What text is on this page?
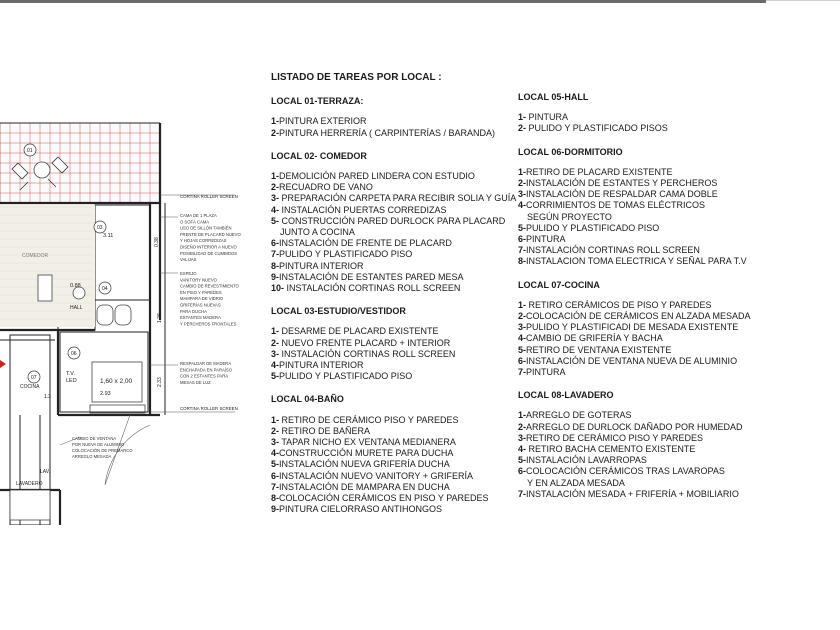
CORTINA ROLLER SCREEN
CORTINA ROLLER SCREEN
01
03
04
06
07
VESTIDOR/ESTUDIO
COMEDOR
HALL
COCINA
LAVADERO
T.V.
LED	1,60 x 2,00
LAV.
0.88
3.11
2.93
0.38
2.33
1.28
1.3
CAMA DE 1 PLAZA
O SOFÁ CAMA
USO DE SILLÓN TAMBIÉN
FRENTE DE PLACARD NUEVO
Y HOJAS CORREDIZAS
DISEÑO INTERIOR A NUEVO
POSIBILIDAD DE CUMBIDOS
VALIJAS
ESPEJO
VANITORY NUEVO
CAMBIO DE REVESTIMIENTO
EN PISO Y PAREDES
MAMPARA DE VIDRIO
GRIFERÍAS NUEVAS
PARA DUCHA
ESTANTES MADERA
Y PERCHEROS FRONTALES
RESPALDAR DE MADERA
ENCHAPADA EN PARAÍSO
CON 2 ESTANTES PARA
MESAS DE LUZ
CAMBIO DE VENTANA
POR NUEVA DE ALUMINIO
COLOCACIÓN DE PREMARCO
ARREGLO MESADA
LISTADO DE TAREAS POR LOCAL :
LOCAL 01-TERRAZA:
1-PINTURA EXTERIOR
2-PINTURA HERRERÍA ( CARPINTERÍAS / BARANDA)
LOCAL 02- COMEDOR
1-DEMOLICIÓN PARED LINDERA CON ESTUDIO
2-RECUADRO DE VANO
3- PREPARACIÓN CARPETA PARA RECIBIR SOLIA Y GUÍA
4- INSTALACIÓN PUERTAS CORREDIZAS
5- CONSTRUCCIÓN PARED DURLOCK PARA PLACARD
JUNTO A COCINA
6-INSTALACIÓN DE FRENTE DE PLACARD
7-PULIDO Y PLASTIFICADO PISO
8-PINTURA INTERIOR
9-INSTALACIÓN DE ESTANTES PARED MESA
10- INSTALACIÓN CORTINAS ROLL SCREEN
LOCAL 03-ESTUDIO/VESTIDOR
1- DESARME DE PLACARD EXISTENTE
2- NUEVO FRENTE PLACARD + INTERIOR
3- INSTALACIÓN CORTINAS ROLL SCREEN
4-PINTURA INTERIOR
5-PULIDO Y PLASTIFICADO PISO
LOCAL 04-BAÑO
1- RETIRO DE CERÁMICO PISO Y PAREDES
2- RETIRO DE BAÑERA
3- TAPAR NICHO EX VENTANA MEDIANERA
4-CONSTRUCCIÓN MURETE PARA DUCHA
5-INSTALACIÓN NUEVA GRIFERÍA DUCHA
6-INSTALACIÓN NUEVO VANITORY + GRIFERÍA
7-INSTALACIÓN DE MAMPARA EN DUCHA
8-COLOCACIÓN CERÁMICOS EN PISO Y PAREDES
9-PINTURA CIELORRASO ANTIHONGOS
LOCAL 05-HALL
1- PINTURA
2- PULIDO Y PLASTIFICADO PISOS
LOCAL 06-DORMITORIO
1-RETIRO DE PLACARD EXISTENTE
2-INSTALACIÓN DE ESTANTES Y PERCHEROS
3-INSTALACIÓN DE RESPALDAR CAMA DOBLE
4-CORRIMIENTOS DE TOMAS ELÉCTRICOS
SEGÚN PROYECTO
5-PULIDO Y PLASTIFICADO PISO
6-PINTURA
7-INSTALACIÓN CORTINAS ROLL SCREEN
8-INSTALACION TOMA ELECTRICA Y SEÑAL PARA T.V
LOCAL 07-COCINA
1- RETIRO CERÁMICOS DE PISO Y PAREDES
2-COLOCACIÓN DE CERÁMICOS EN ALZADA MESADA
3-PULIDO Y PLASTIFICADI DE MESADA EXISTENTE
4-CAMBIO DE GRIFERÍA Y BACHA
5-RETIRO DE VENTANA EXISTENTE
6-INSTALACIÓN DE VENTANA NUEVA DE ALUMINIO
7-PINTURA
LOCAL 08-LAVADERO
1-ARREGLO DE GOTERAS
2-ARREGLO DE DURLOCK DAÑADO POR HUMEDAD
3-RETIRO DE CERÁMICO PISO Y PAREDES
4- RETIRO BACHA CEMENTO EXISTENTE
5-INSTALACIÓN LAVARROPAS
6-COLOCACIÓN CERÁMICOS TRAS LAVAROPAS
Y EN ALZADA MESADA
7-INSTALACIÓN MESADA + FRIFERÍA + MOBILIARIO
